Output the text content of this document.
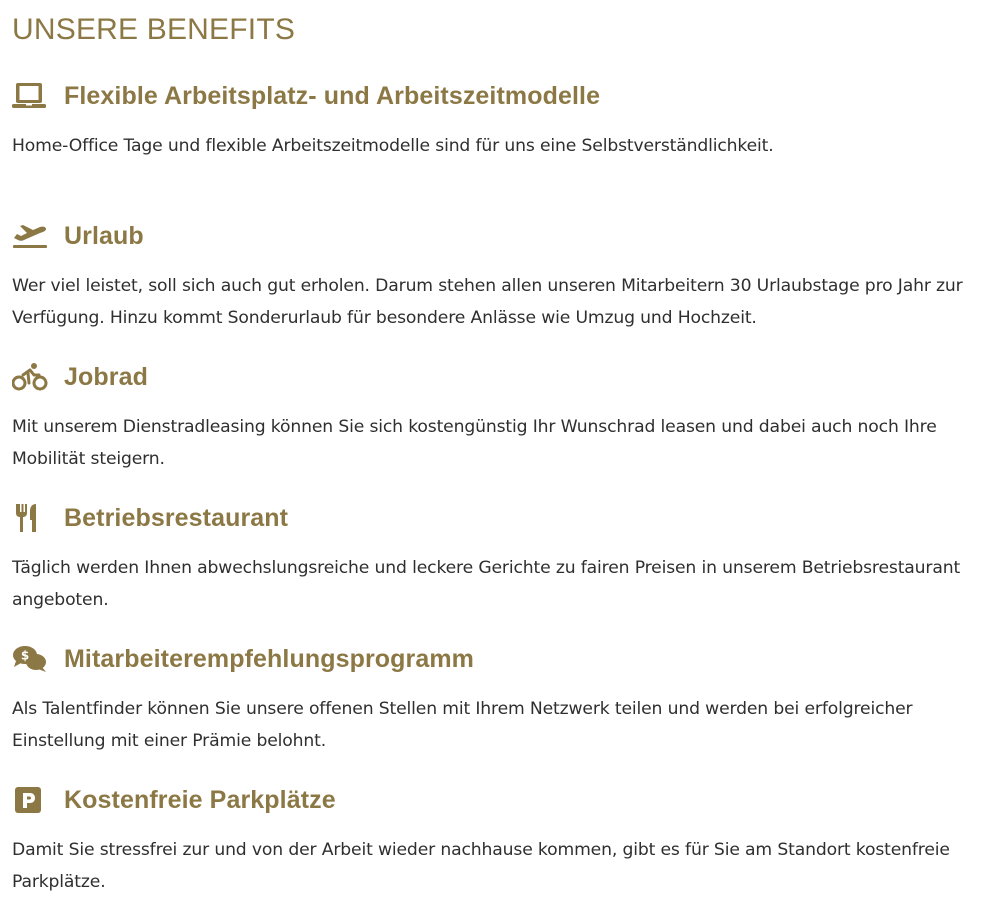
UNSERE BENEFITS
Flexible Arbeitsplatz- und Arbeitszeitmodelle

Home-Office Tage und flexible Arbeitszeitmodelle sind für uns eine Selbstverständlichkeit.

Urlaub

Wer viel leistet, soll sich auch gut erholen. Darum stehen allen unseren Mitarbeitern 30 Urlaubstage pro Jahr zur Verfügung. Hinzu kommt Sonderurlaub für besondere Anlässe wie Umzug und Hochzeit.

Jobrad

Mit unserem Dienstradleasing können Sie sich kostengünstig Ihr Wunschrad leasen und dabei auch noch Ihre Mobilität steigern.

Betriebsrestaurant

Täglich werden Ihnen abwechslungsreiche und leckere Gerichte zu fairen Preisen in unserem Betriebsrestaurant angeboten.

$ Mitarbeiterempfehlungsprogramm

Als Talentfinder können Sie unsere offenen Stellen mit Ihrem Netzwerk teilen und werden bei erfolgreicher Einstellung mit einer Prämie belohnt.

Kostenfreie Parkplätze

Damit Sie stressfrei zur und von der Arbeit wieder nachhause kommen, gibt es für Sie am Standort kostenfreie Parkplätze.
